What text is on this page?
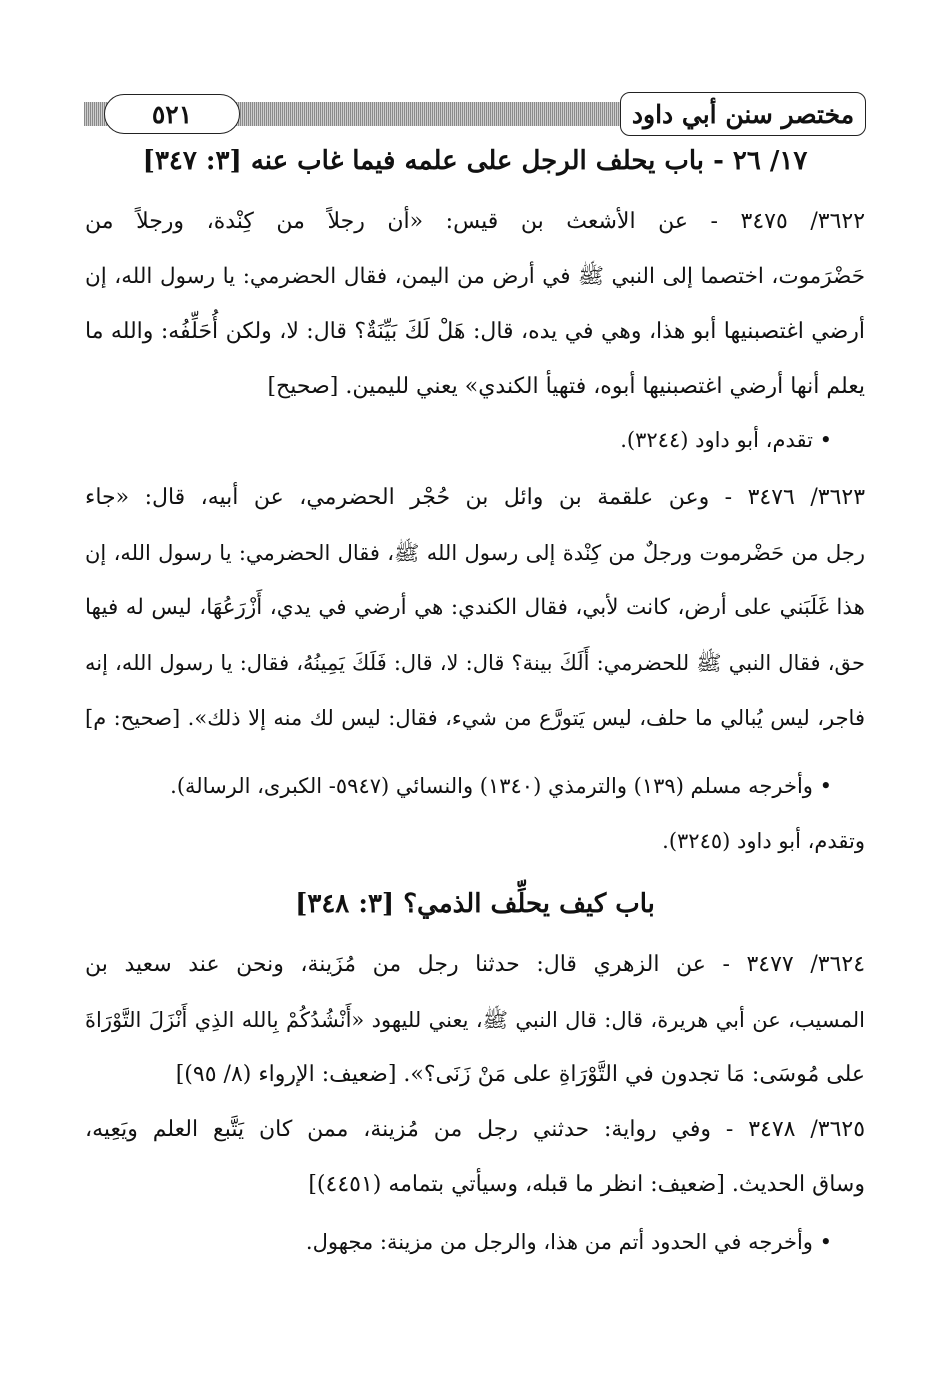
٥٢١	مختصر سنن أبي داود
١٧/ ٢٦ - باب يحلف الرجل على علمه فيما غاب عنه [٣: ٣٤٧]
٣٦٢٢/ ٣٤٧٥ - عن الأشعث بن قيس: «أن رجلاً من كِنْدة، ورجلاً من
حَضْرَموت، اختصما إلى النبي ﷺ في أرض من اليمن، فقال الحضرمي: يا رسول الله، إن
أرضي اغتصبنيها أبو هذا، وهي في يده، قال: هَلْ لَكَ بَيِّنَةٌ؟ قال: لا، ولكن أُحَلِّفُه: والله ما
يعلم أنها أرضي اغتصبنيها أبوه، فتهيأ الكندي» يعني لليمين. [صحيح]
• تقدم، أبو داود (٣٢٤٤).
٣٦٢٣/ ٣٤٧٦ - وعن علقمة بن وائل بن حُجْر الحضرمي، عن أبيه، قال: «جاء
رجل من حَضْرموت ورجلٌ من كِنْدة إلى رسول الله ﷺ، فقال الحضرمي: يا رسول الله، إن
هذا غَلَبَني على أرض، كانت لأبي، فقال الكندي: هي أرضي في يدي، أَزْرَعُهَا، ليس له فيها
حق، فقال النبي ﷺ للحضرمي: أَلَكَ بينة؟ قال: لا، قال: فَلَكَ يَمِينُهُ، فقال: يا رسول الله، إنه
فاجر، ليس يُبالي ما حلف، ليس يَتورَّع من شيء، فقال: ليس لك منه إلا ذلك». [صحيح: م]
• وأخرجه مسلم (١٣٩) والترمذي (١٣٤٠) والنسائي (٥٩٤٧- الكبرى، الرسالة).
وتقدم، أبو داود (٣٢٤٥).
باب كيف يحلِّف الذمي؟ [٣: ٣٤٨]
٣٦٢٤/ ٣٤٧٧ - عن الزهري قال: حدثنا رجل من مُزَينة، ونحن عند سعيد بن
المسيب، عن أبي هريرة، قال: قال النبي ﷺ، يعني لليهود «أَنْشُدُكُمْ بِالله الذِي أَنْزَلَ التَّوْرَاةَ
على مُوسَى: مَا تجدون في التَّوْرَاةِ على مَنْ زَنَى؟». [ضعيف: الإرواء (٨/ ٩٥)]
٣٦٢٥/ ٣٤٧٨ - وفي رواية: حدثني رجل من مُزينة، ممن كان يَتَّبع العلم ويَعِيه،
وساق الحديث. [ضعيف: انظر ما قبله، وسيأتي بتمامه (٤٤٥١)]
• وأخرجه في الحدود أتم من هذا، والرجل من مزينة: مجهول.
